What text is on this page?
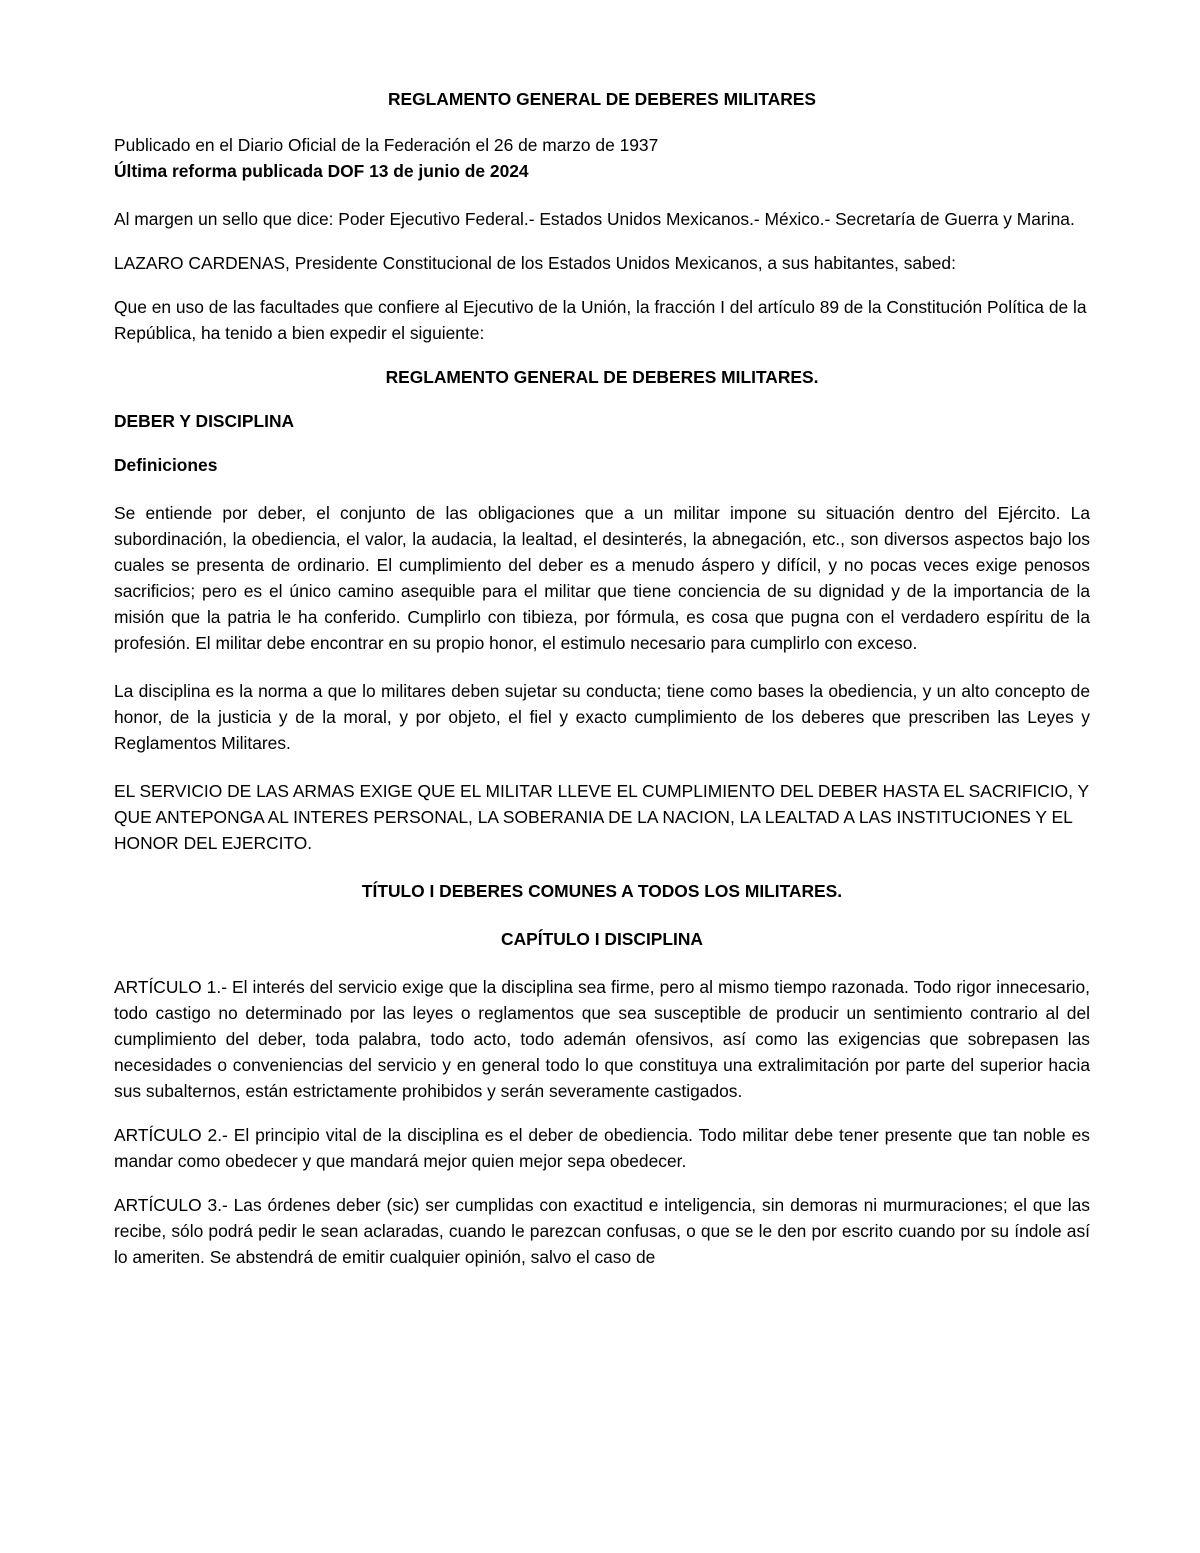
REGLAMENTO GENERAL DE DEBERES MILITARES

Publicado en el Diario Oficial de la Federación el 26 de marzo de 1937

Última reforma publicada DOF 13 de junio de 2024

Al margen un sello que dice: Poder Ejecutivo Federal.- Estados Unidos Mexicanos.- México.- Secretaría de Guerra y Marina.

LAZARO CARDENAS, Presidente Constitucional de los Estados Unidos Mexicanos, a sus habitantes, sabed:

Que en uso de las facultades que confiere al Ejecutivo de la Unión, la fracción I del artículo 89 de la Constitución Política de la República, ha tenido a bien expedir el siguiente:

REGLAMENTO GENERAL DE DEBERES MILITARES.

DEBER Y DISCIPLINA

Definiciones

Se entiende por deber, el conjunto de las obligaciones que a un militar impone su situación dentro del Ejército. La subordinación, la obediencia, el valor, la audacia, la lealtad, el desinterés, la abnegación, etc., son diversos aspectos bajo los cuales se presenta de ordinario. El cumplimiento del deber es a menudo áspero y difícil, y no pocas veces exige penosos sacrificios; pero es el único camino asequible para el militar que tiene conciencia de su dignidad y de la importancia de la misión que la patria le ha conferido. Cumplirlo con tibieza, por fórmula, es cosa que pugna con el verdadero espíritu de la profesión. El militar debe encontrar en su propio honor, el estimulo necesario para cumplirlo con exceso.

La disciplina es la norma a que lo militares deben sujetar su conducta; tiene como bases la obediencia, y un alto concepto de honor, de la justicia y de la moral, y por objeto, el fiel y exacto cumplimiento de los deberes que prescriben las Leyes y Reglamentos Militares.

EL SERVICIO DE LAS ARMAS EXIGE QUE EL MILITAR LLEVE EL CUMPLIMIENTO DEL DEBER HASTA EL SACRIFICIO, Y QUE ANTEPONGA AL INTERES PERSONAL, LA SOBERANIA DE LA NACION, LA LEALTAD A LAS INSTITUCIONES Y EL HONOR DEL EJERCITO.

TÍTULO I DEBERES COMUNES A TODOS LOS MILITARES.

CAPÍTULO I DISCIPLINA

ARTÍCULO 1.- El interés del servicio exige que la disciplina sea firme, pero al mismo tiempo razonada. Todo rigor innecesario, todo castigo no determinado por las leyes o reglamentos que sea susceptible de producir un sentimiento contrario al del cumplimiento del deber, toda palabra, todo acto, todo ademán ofensivos, así como las exigencias que sobrepasen las necesidades o conveniencias del servicio y en general todo lo que constituya una extralimitación por parte del superior hacia sus subalternos, están estrictamente prohibidos y serán severamente castigados.

ARTÍCULO 2.- El principio vital de la disciplina es el deber de obediencia. Todo militar debe tener presente que tan noble es mandar como obedecer y que mandará mejor quien mejor sepa obedecer.

ARTÍCULO 3.- Las órdenes deber (sic) ser cumplidas con exactitud e inteligencia, sin demoras ni murmuraciones; el que las recibe, sólo podrá pedir le sean aclaradas, cuando le parezcan confusas, o que se le den por escrito cuando por su índole así lo ameriten. Se abstendrá de emitir cualquier opinión, salvo el caso de
